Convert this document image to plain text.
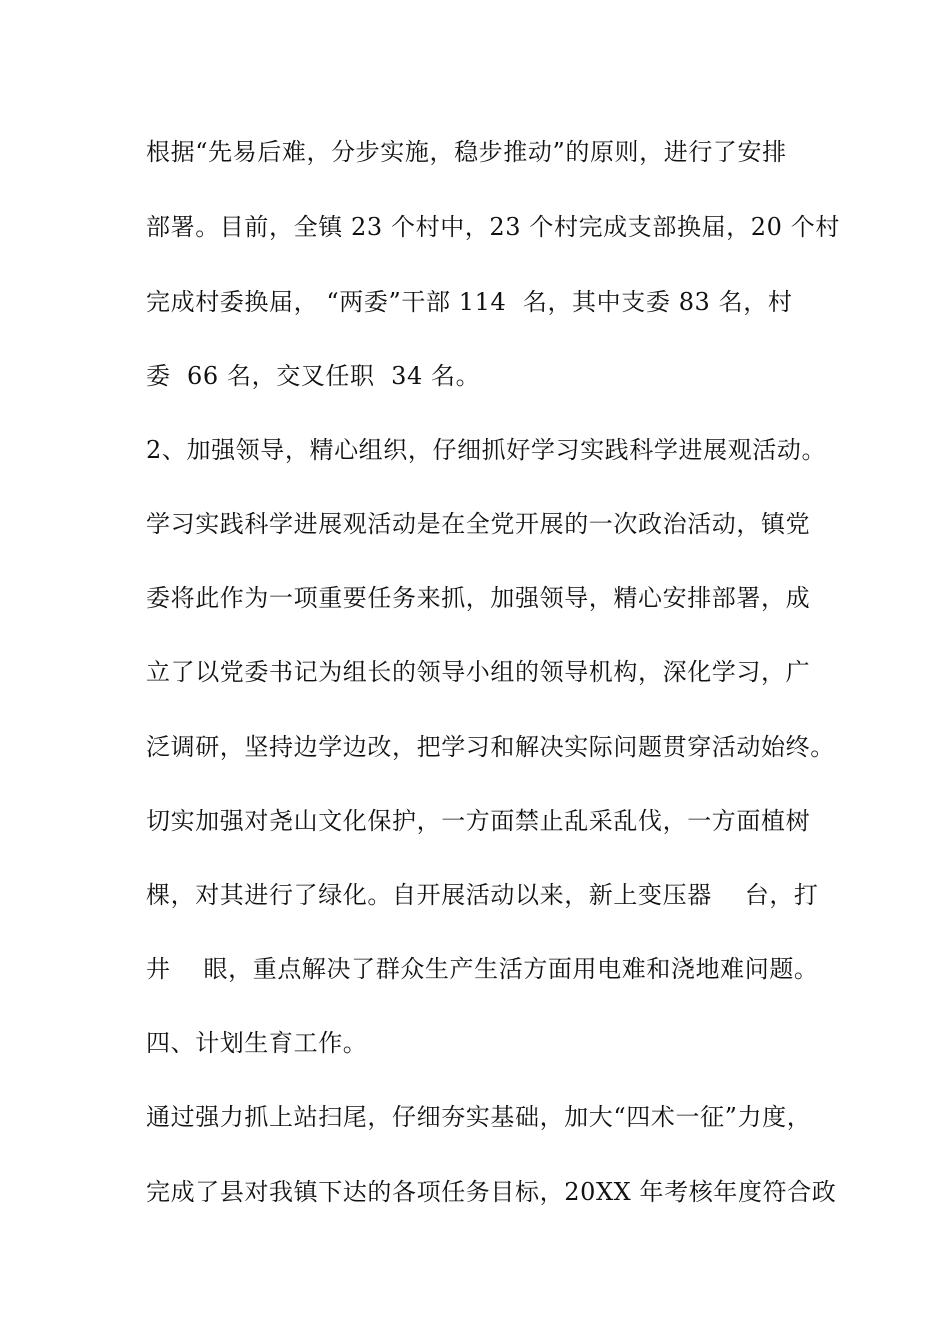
根据“先易后难，分步实施，稳步推动”的原则，进行了安排
部署。目前，全镇 23 个村中，23 个村完成支部换届，20 个村
完成村委换届， “两委”干部 114  名，其中支委 83 名，村
委  66 名，交叉任职  34 名。
2、加强领导，精心组织，仔细抓好学习实践科学进展观活动。
学习实践科学进展观活动是在全党开展的一次政治活动，镇党
委将此作为一项重要任务来抓，加强领导，精心安排部署，成
立了以党委书记为组长的领导小组的领导机构，深化学习，广
泛调研，坚持边学边改，把学习和解决实际问题贯穿活动始终。
切实加强对尧山文化保护，一方面禁止乱采乱伐，一方面植树
棵，对其进行了绿化。自开展活动以来，新上变压器    台，打
井    眼，重点解决了群众生产生活方面用电难和浇地难问题。
四、计划生育工作。
通过强力抓上站扫尾，仔细夯实基础，加大“四术一征”力度，
完成了县对我镇下达的各项任务目标，20XX 年考核年度符合政
